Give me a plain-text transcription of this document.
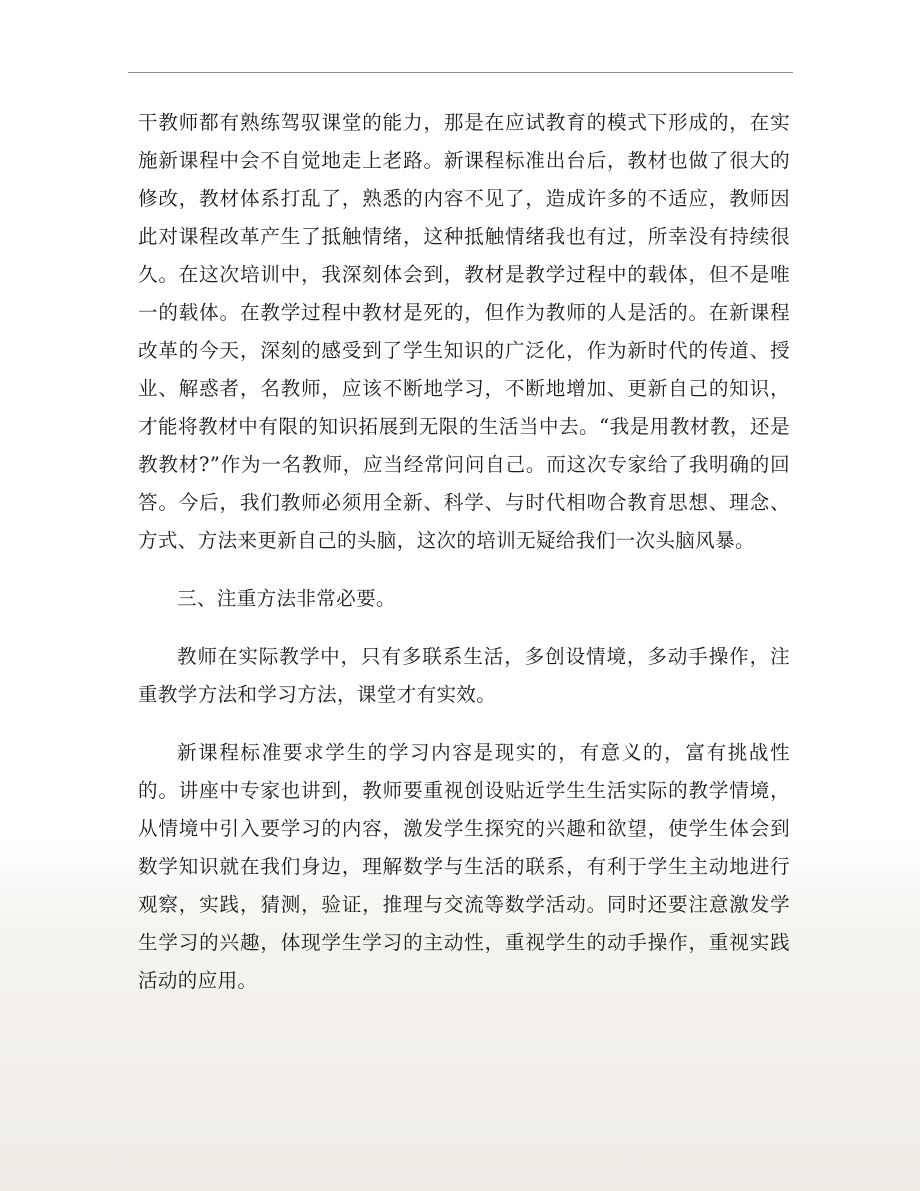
干教师都有熟练驾驭课堂的能力，那是在应试教育的模式下形成的，在实施新课程中会不自觉地走上老路。新课程标准出台后，教材也做了很大的修改，教材体系打乱了，熟悉的内容不见了，造成许多的不适应，教师因此对课程改革产生了抵触情绪，这种抵触情绪我也有过，所幸没有持续很久。在这次培训中，我深刻体会到，教材是教学过程中的载体，但不是唯一的载体。在教学过程中教材是死的，但作为教师的人是活的。在新课程改革的今天，深刻的感受到了学生知识的广泛化，作为新时代的传道、授业、解惑者，名教师，应该不断地学习，不断地增加、更新自己的知识，才能将教材中有限的知识拓展到无限的生活当中去。“我是用教材教，还是教教材?”作为一名教师，应当经常问问自己。而这次专家给了我明确的回答。今后，我们教师必须用全新、科学、与时代相吻合教育思想、理念、方式、方法来更新自己的头脑，这次的培训无疑给我们一次头脑风暴。

三、注重方法非常必要。

教师在实际教学中，只有多联系生活，多创设情境，多动手操作，注重教学方法和学习方法，课堂才有实效。

新课程标准要求学生的学习内容是现实的，有意义的，富有挑战性的。讲座中专家也讲到，教师要重视创设贴近学生生活实际的教学情境，从情境中引入要学习的内容，激发学生探究的兴趣和欲望，使学生体会到数学知识就在我们身边，理解数学与生活的联系，有利于学生主动地进行观察，实践，猜测，验证，推理与交流等数学活动。同时还要注意激发学生学习的兴趣，体现学生学习的主动性，重视学生的动手操作，重视实践活动的应用。
